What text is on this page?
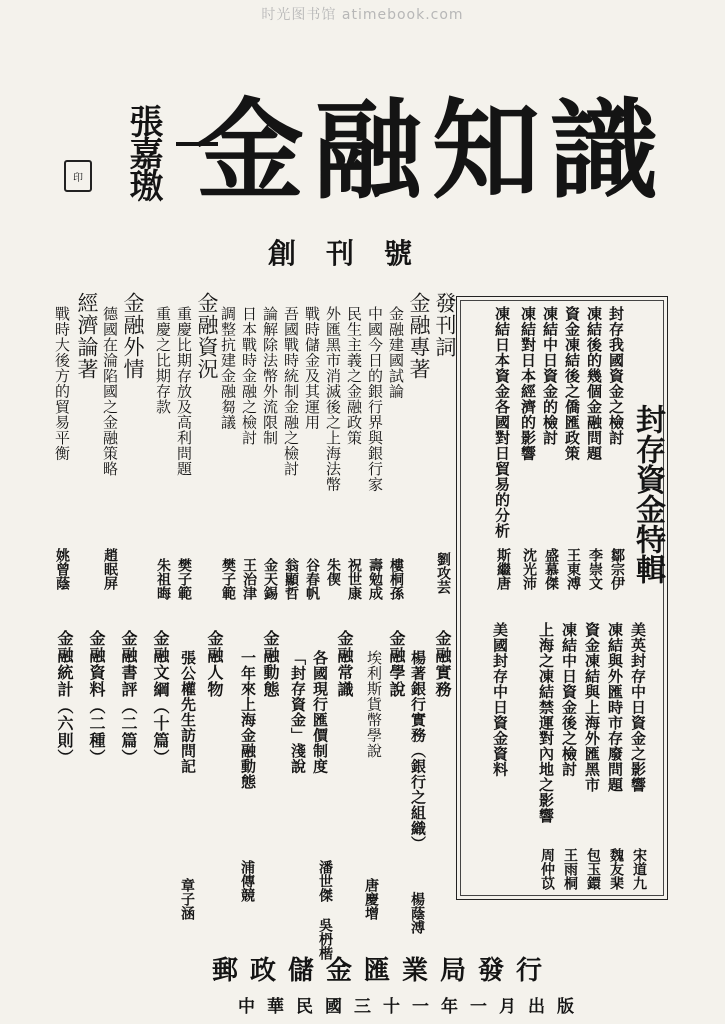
时光图书馆 atimebook.com
張嘉璈
印 金融知識
創刊號
封存資金特輯
封存我國資金之檢討
凍結後的幾個金融問題
資金凍結後之僑匯政策
凍結中日資金的檢討
凍結對日本經濟的影響
凍結日本資金各國對日貿易的分析
鄒宗伊
李崇文
王東溥
盛慕傑
沈光沛
斯繼唐
美英封存中日資金之影響
凍結與外匯時市存廢問題
資金凍結與上海外匯黑市
凍結中日資金後之檢討
上海之凍結禁運對內地之影響
美國封存中日資金資料
宋道九
魏友棐
包玉鐶
王雨桐
周仲苡
發刊詞
劉攻芸
金融專著
金融建國試論
中國今日的銀行界與銀行家
民生主義之金融政策
外匯黑市消滅後之上海法幣
戰時儲金及其運用
吾國戰時統制金融之檢討
論解除法幣外流限制
日本戰時金融之檢討
調整抗建金融芻議
樓桐孫
壽勉成
祝世康
朱偰
谷春帆
翁顯哲
金天錫
王治津
樊子範
金融資況
重慶比期存放及高利問題
重慶之比期存款
樊子範
朱祖晦
金融外情
德國在淪陷國之金融策略
趙眠屏
經濟論著
戰時大後方的貿易平衡
姚曾蔭
金融實務
楊著銀行實務（銀行之組織）
楊蔭溥
金融學說
埃利斯貨幣學說
唐慶增
金融常識
各國現行匯價制度
「封存資金」淺說
潘世傑 吳枬楷
金融動態
一年來上海金融動態
浦傳競
金融人物
張公權先生訪問記
章子涵
金融文綱（十篇）
金融書評（二篇）
金融資料（二種）
金融統計（六則）
郵政儲金匯業局發行
中華民國三十一年一月出版
